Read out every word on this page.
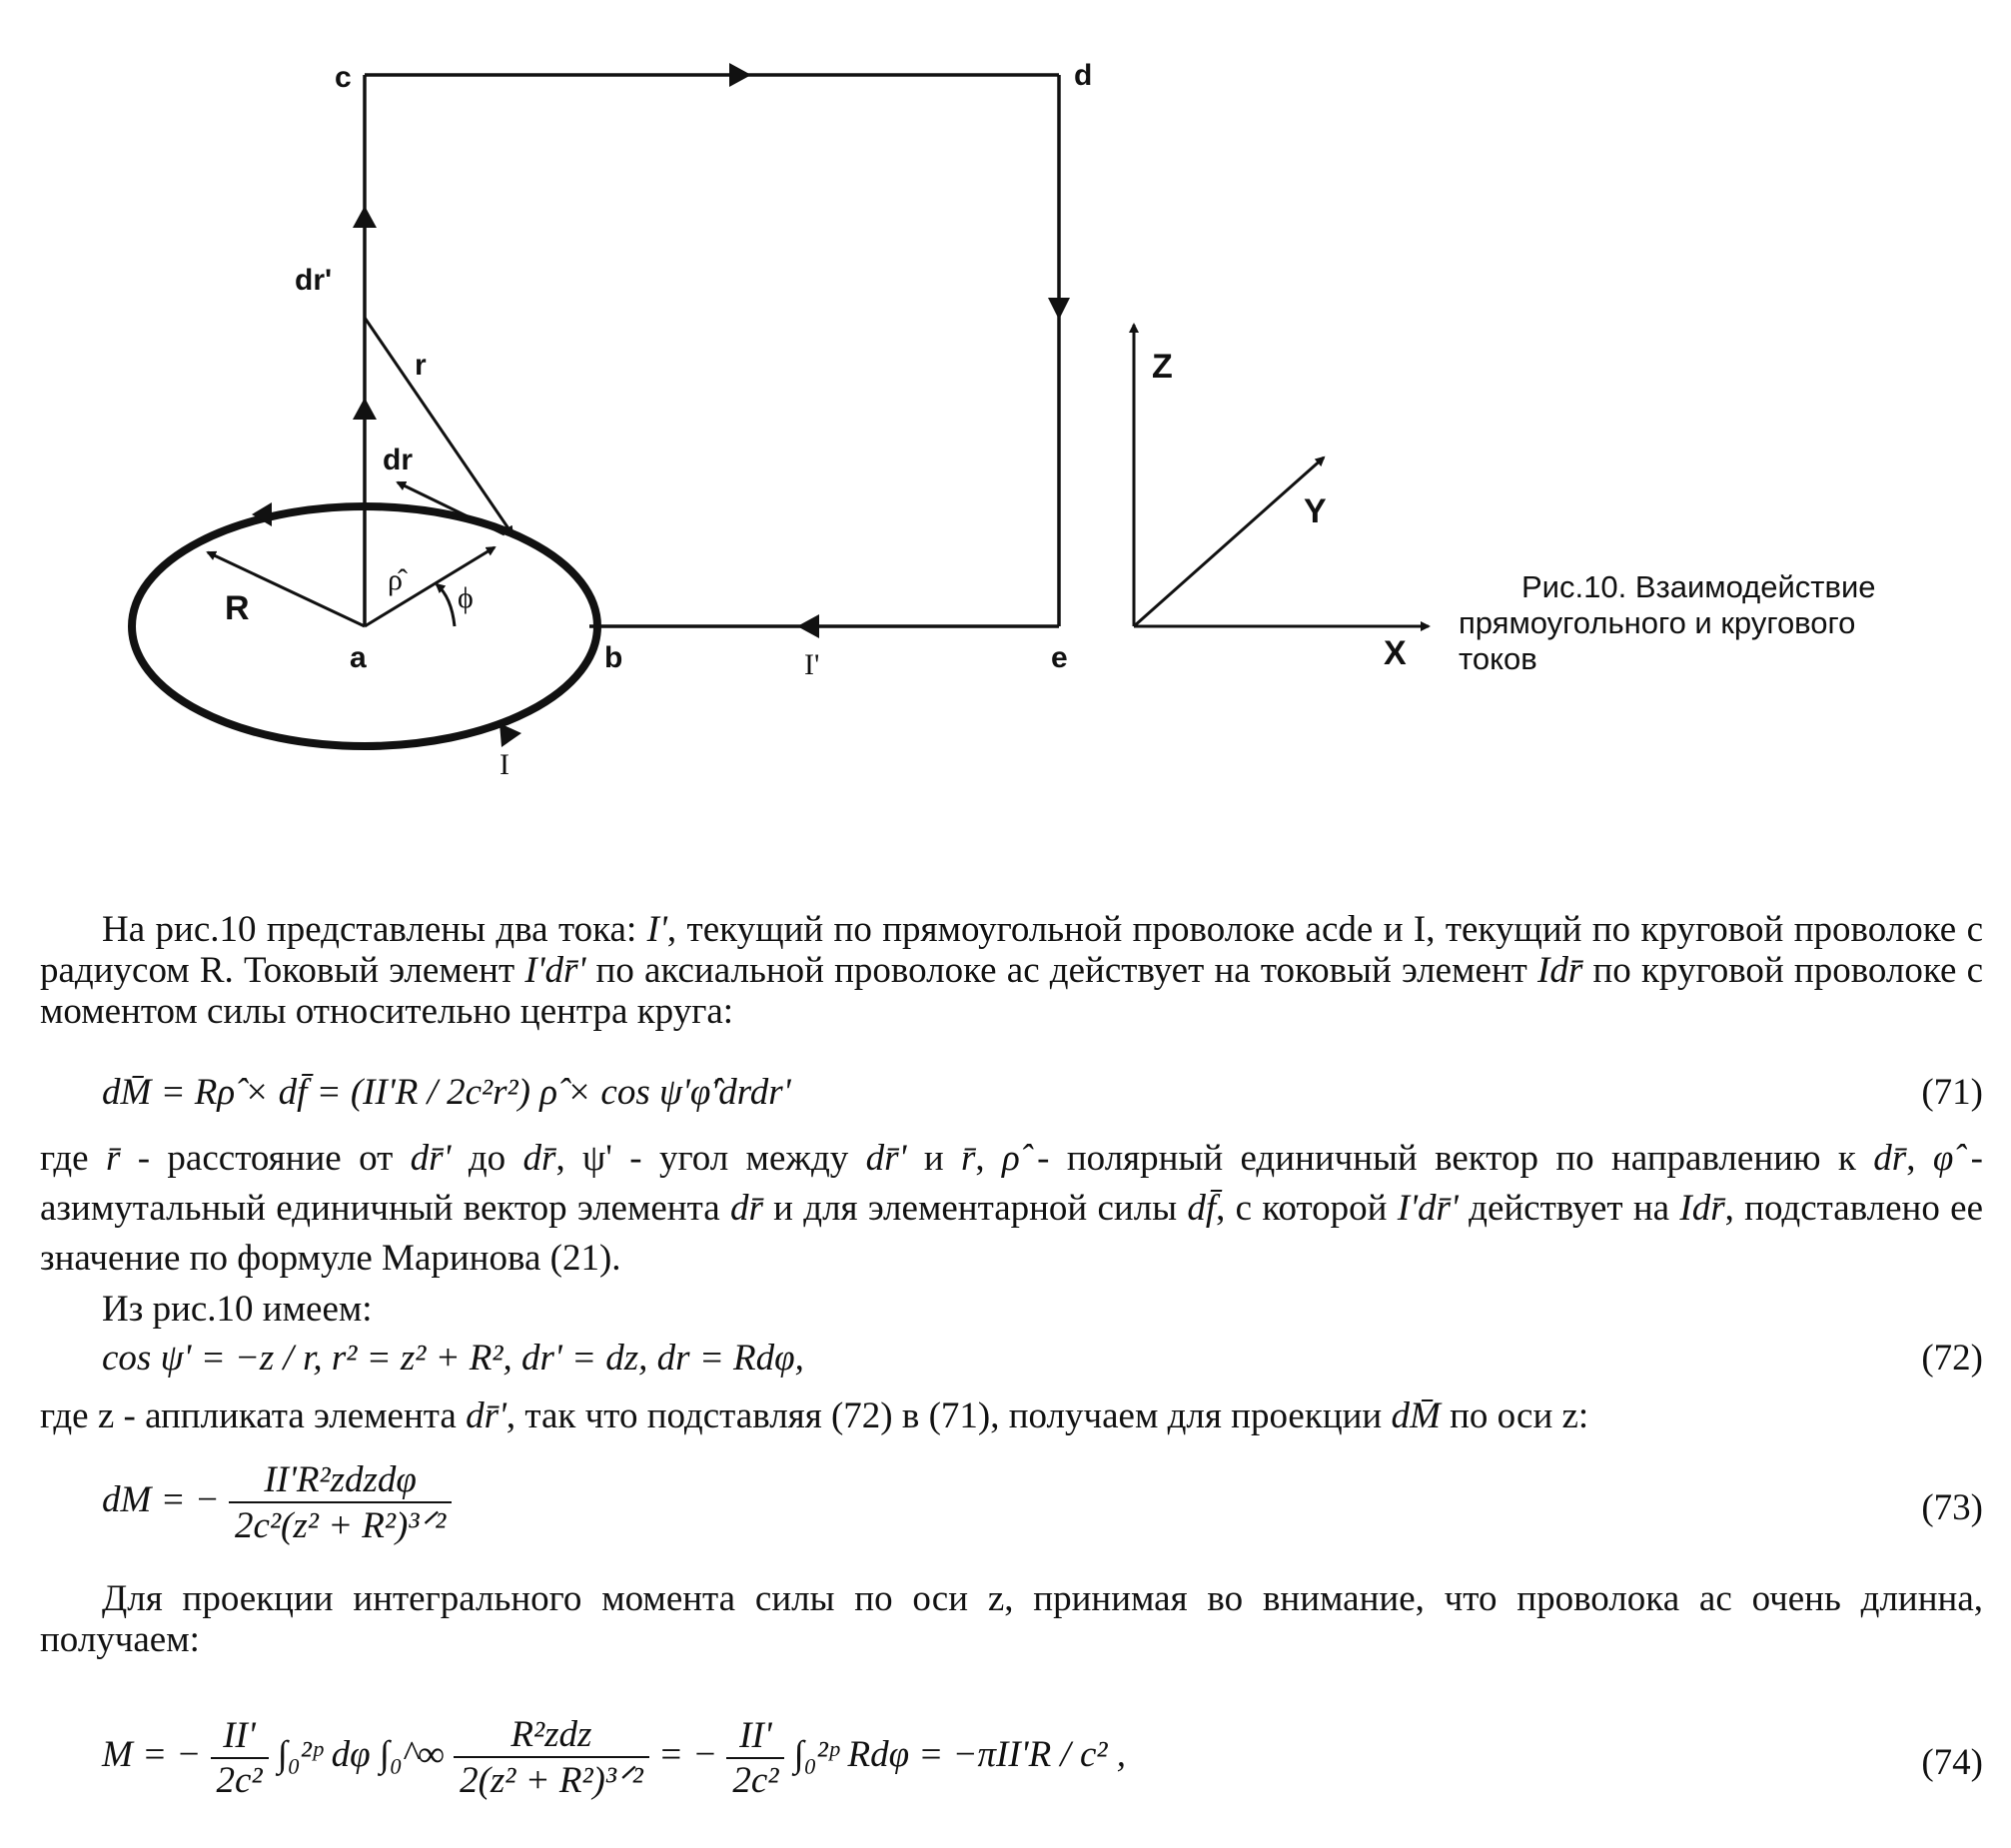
c	d
dr'
r
dr
ρ̂
ϕ
R
a	b	I'	e
I
Z
Y
X
Рис.10. Взаимодействие
прямоугольного и кругового
токов
На рис.10 представлены два тока: I', текущий по прямоугольной проволоке acde и I, текущий по круговой проволоке с радиусом R. Токовый элемент I'dr̄' по аксиальной проволоке ас действует на токовый элемент Idr̄ по круговой проволоке с моментом силы относительно центра круга:
dM̄ = Rρ̂ × df̄ = (II'R / 2c²r²) ρ̂ × cos ψ'φ̂'drdr'	(71)
где r̄ - расстояние от dr̄' до dr̄, ψ' - угол между dr̄' и r̄, ρ̂ - полярный единичный вектор по направлению к dr̄, φ̂ - азимутальный единичный вектор элемента dr̄ и для элементарной силы df̄, с которой I'dr̄' действует на Idr̄, подставлено ее значение по формуле Маринова (21).
Из рис.10 имеем:
cos ψ' = −z / r, r² = z² + R², dr' = dz, dr = Rdφ,	(72)
где z - аппликата элемента dr̄', так что подставляя (72) в (71), получаем для проекции dM̄ по оси z:
dM = − $\frac{\text{II'R²zdzdφ}}{\text{2c²(z² + R²)³ᐟ²}}$	(73)
Для проекции интегрального момента силы по оси z, принимая во внимание, что проволока ас очень длинна, получаем:
M = − $\frac{II'}{\text{2c²}}$ ∫₀²ᵖ dφ ∫₀^∞ $\frac{\text{R²zdz}}{\text{2(z² + R²)³ᐟ²}}$ = − $\frac{II'}{\text{2c²}}$ ∫₀²ᵖ Rdφ = −πII'R / c² ,	(74)
